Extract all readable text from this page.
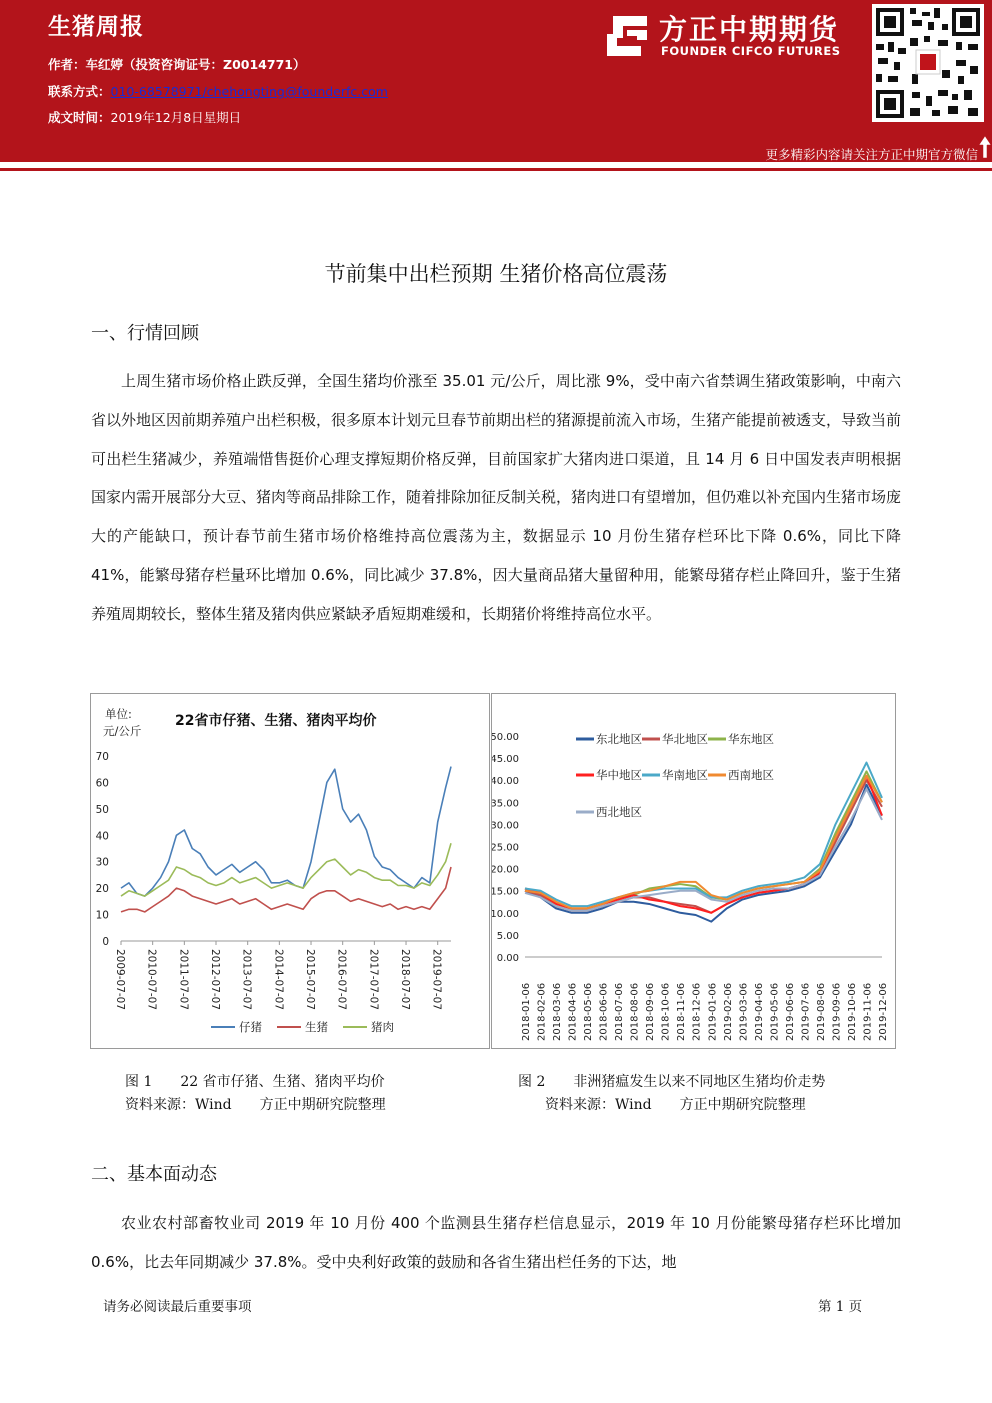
生猪周报
作者：车红婷（投资咨询证号：Z0014771）
联系方式：010-68578971/chehongting@founderfc.com
成文时间：2019年12月8日星期日
方正中期期货
FOUNDER CIFCO FUTURES
更多精彩内容请关注方正中期官方微信
节前集中出栏预期 生猪价格高位震荡
一、行情回顾

上周生猪市场价格止跌反弹，全国生猪均价涨至 35.01 元/公斤，周比涨 9%，受中南六省禁调生猪政策影响，中南六省以外地区因前期养殖户出栏积极，很多原本计划元旦春节前期出栏的猪源提前流入市场，生猪产能提前被透支，导致当前可出栏生猪减少，养殖端惜售挺价心理支撑短期价格反弹，目前国家扩大猪肉进口渠道，且 14 月 6 日中国发表声明根据国家内需开展部分大豆、猪肉等商品排除工作，随着排除加征反制关税，猪肉进口有望增加，但仍难以补充国内生猪市场庞大的产能缺口，预计春节前生猪市场价格维持高位震荡为主，数据显示 10 月份生猪存栏环比下降 0.6%，同比下降 41%，能繁母猪存栏量环比增加 0.6%，同比减少 37.8%，因大量商品猪大量留种用，能繁母猪存栏止降回升，鉴于生猪养殖周期较长，整体生猪及猪肉供应紧缺矛盾短期难缓和，长期猪价将维持高位水平。

单位:
元/公斤
22省市仔猪、生猪、猪肉平均价
0
10
20
30
40
50
60
70
2009-07-07 2010-07-07 2011-07-07 2012-07-07 2013-07-07 2014-07-07 2015-07-07 2016-07-07 2017-07-07 2018-07-07 2019-07-07
仔猪	生猪	猪肉
0.00
5.00
10.00
15.00
20.00
25.00
30.00
35.00
40.00
45.00
50.00
2018-01-06 2018-02-06 2018-03-06 2018-04-06 2018-05-06 2018-06-06 2018-07-06 2018-08-06 2018-09-06 2018-10-06 2018-11-06 2018-12-06 2019-01-06 2019-02-06 2019-03-06 2019-04-06 2019-05-06 2019-06-06 2019-07-06 2019-08-06 2019-09-06 2019-10-06 2019-11-06 2019-12-06
东北地区 华北地区 华东地区
华中地区 华南地区 西南地区
西北地区
图 1　　22 省市仔猪、生猪、猪肉平均价
资料来源：Wind　　方正中期研究院整理
图 2　　非洲猪瘟发生以来不同地区生猪均价走势
资料来源：Wind　　方正中期研究院整理
二、基本面动态

农业农村部畜牧业司 2019 年 10 月份 400 个监测县生猪存栏信息显示，2019 年 10 月份能繁母猪存栏环比增加 0.6%，比去年同期减少 37.8%。受中央利好政策的鼓励和各省生猪出栏任务的下达，地

请务必阅读最后重要事项	第 1 页
